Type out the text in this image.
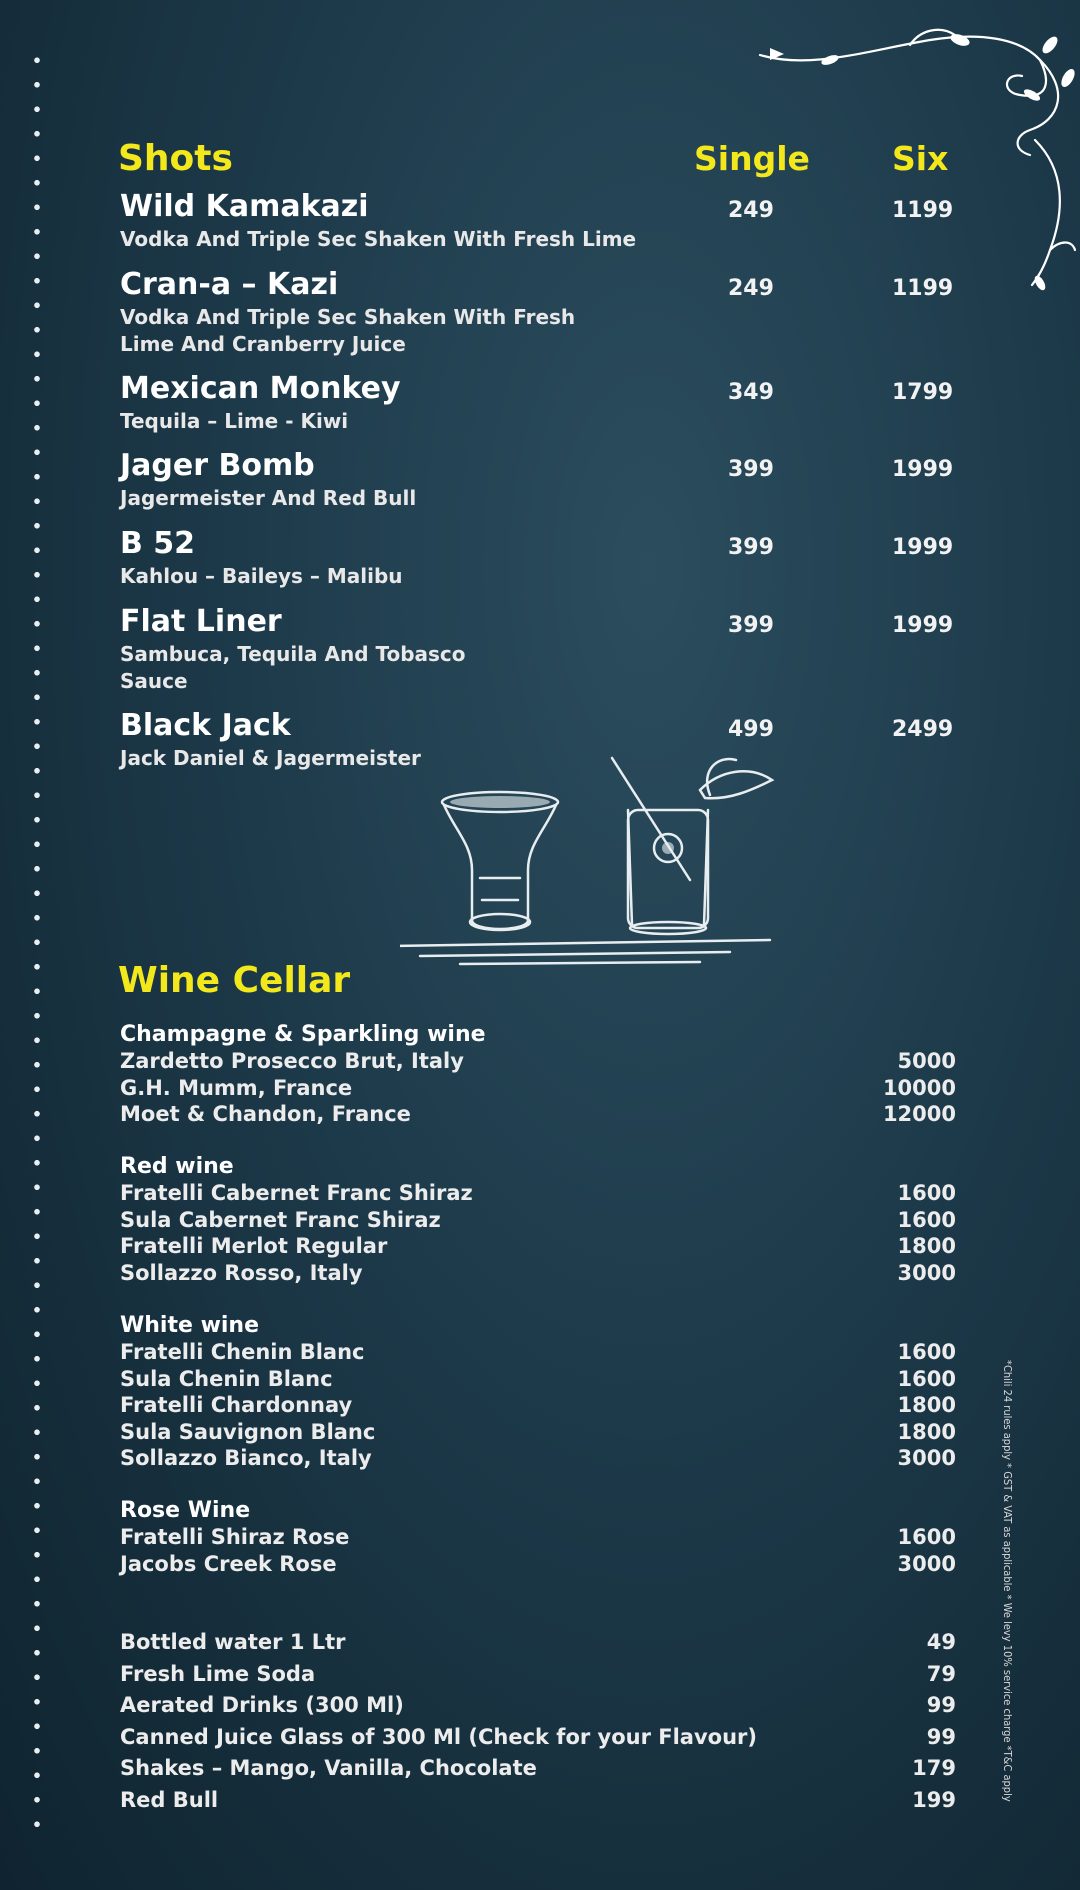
Shots	Single Six
Wild Kamakazi
Vodka And Triple Sec Shaken With Fresh Lime
249	1199
Cran-a – Kazi
Vodka And Triple Sec Shaken With Fresh Lime And Cranberry Juice
249	1199
Mexican Monkey
Tequila – Lime - Kiwi
349	1799
Jager Bomb
Jagermeister And Red Bull
399	1999
B 52
Kahlou – Baileys – Malibu
399	1999
Flat Liner
Sambuca, Tequila And Tobasco Sauce
399	1999
Black Jack
Jack Daniel & Jagermeister
499	2499
Wine Cellar
Champagne & Sparkling wine
Zardetto Prosecco Brut, Italy	5000
G.H. Mumm, France	10000
Moet & Chandon, France	12000
Red wine
Fratelli Cabernet Franc Shiraz	1600
Sula Cabernet Franc Shiraz	1600
Fratelli Merlot Regular	1800
Sollazzo Rosso, Italy	3000
White wine
Fratelli Chenin Blanc	1600
Sula Chenin Blanc	1600
Fratelli Chardonnay	1800
Sula Sauvignon Blanc	1800
Sollazzo Bianco, Italy	3000
Rose Wine
Fratelli Shiraz Rose	1600
Jacobs Creek Rose	3000
Bottled water 1 Ltr	49
Fresh Lime Soda	79
Aerated Drinks (300 Ml)	99
Canned Juice Glass of 300 Ml (Check for your Flavour)	99
Shakes – Mango, Vanilla, Chocolate	179
Red Bull	199	*Chili 24 rules apply * GST & VAT as applicable * We levy 10% service charge *T&C apply
